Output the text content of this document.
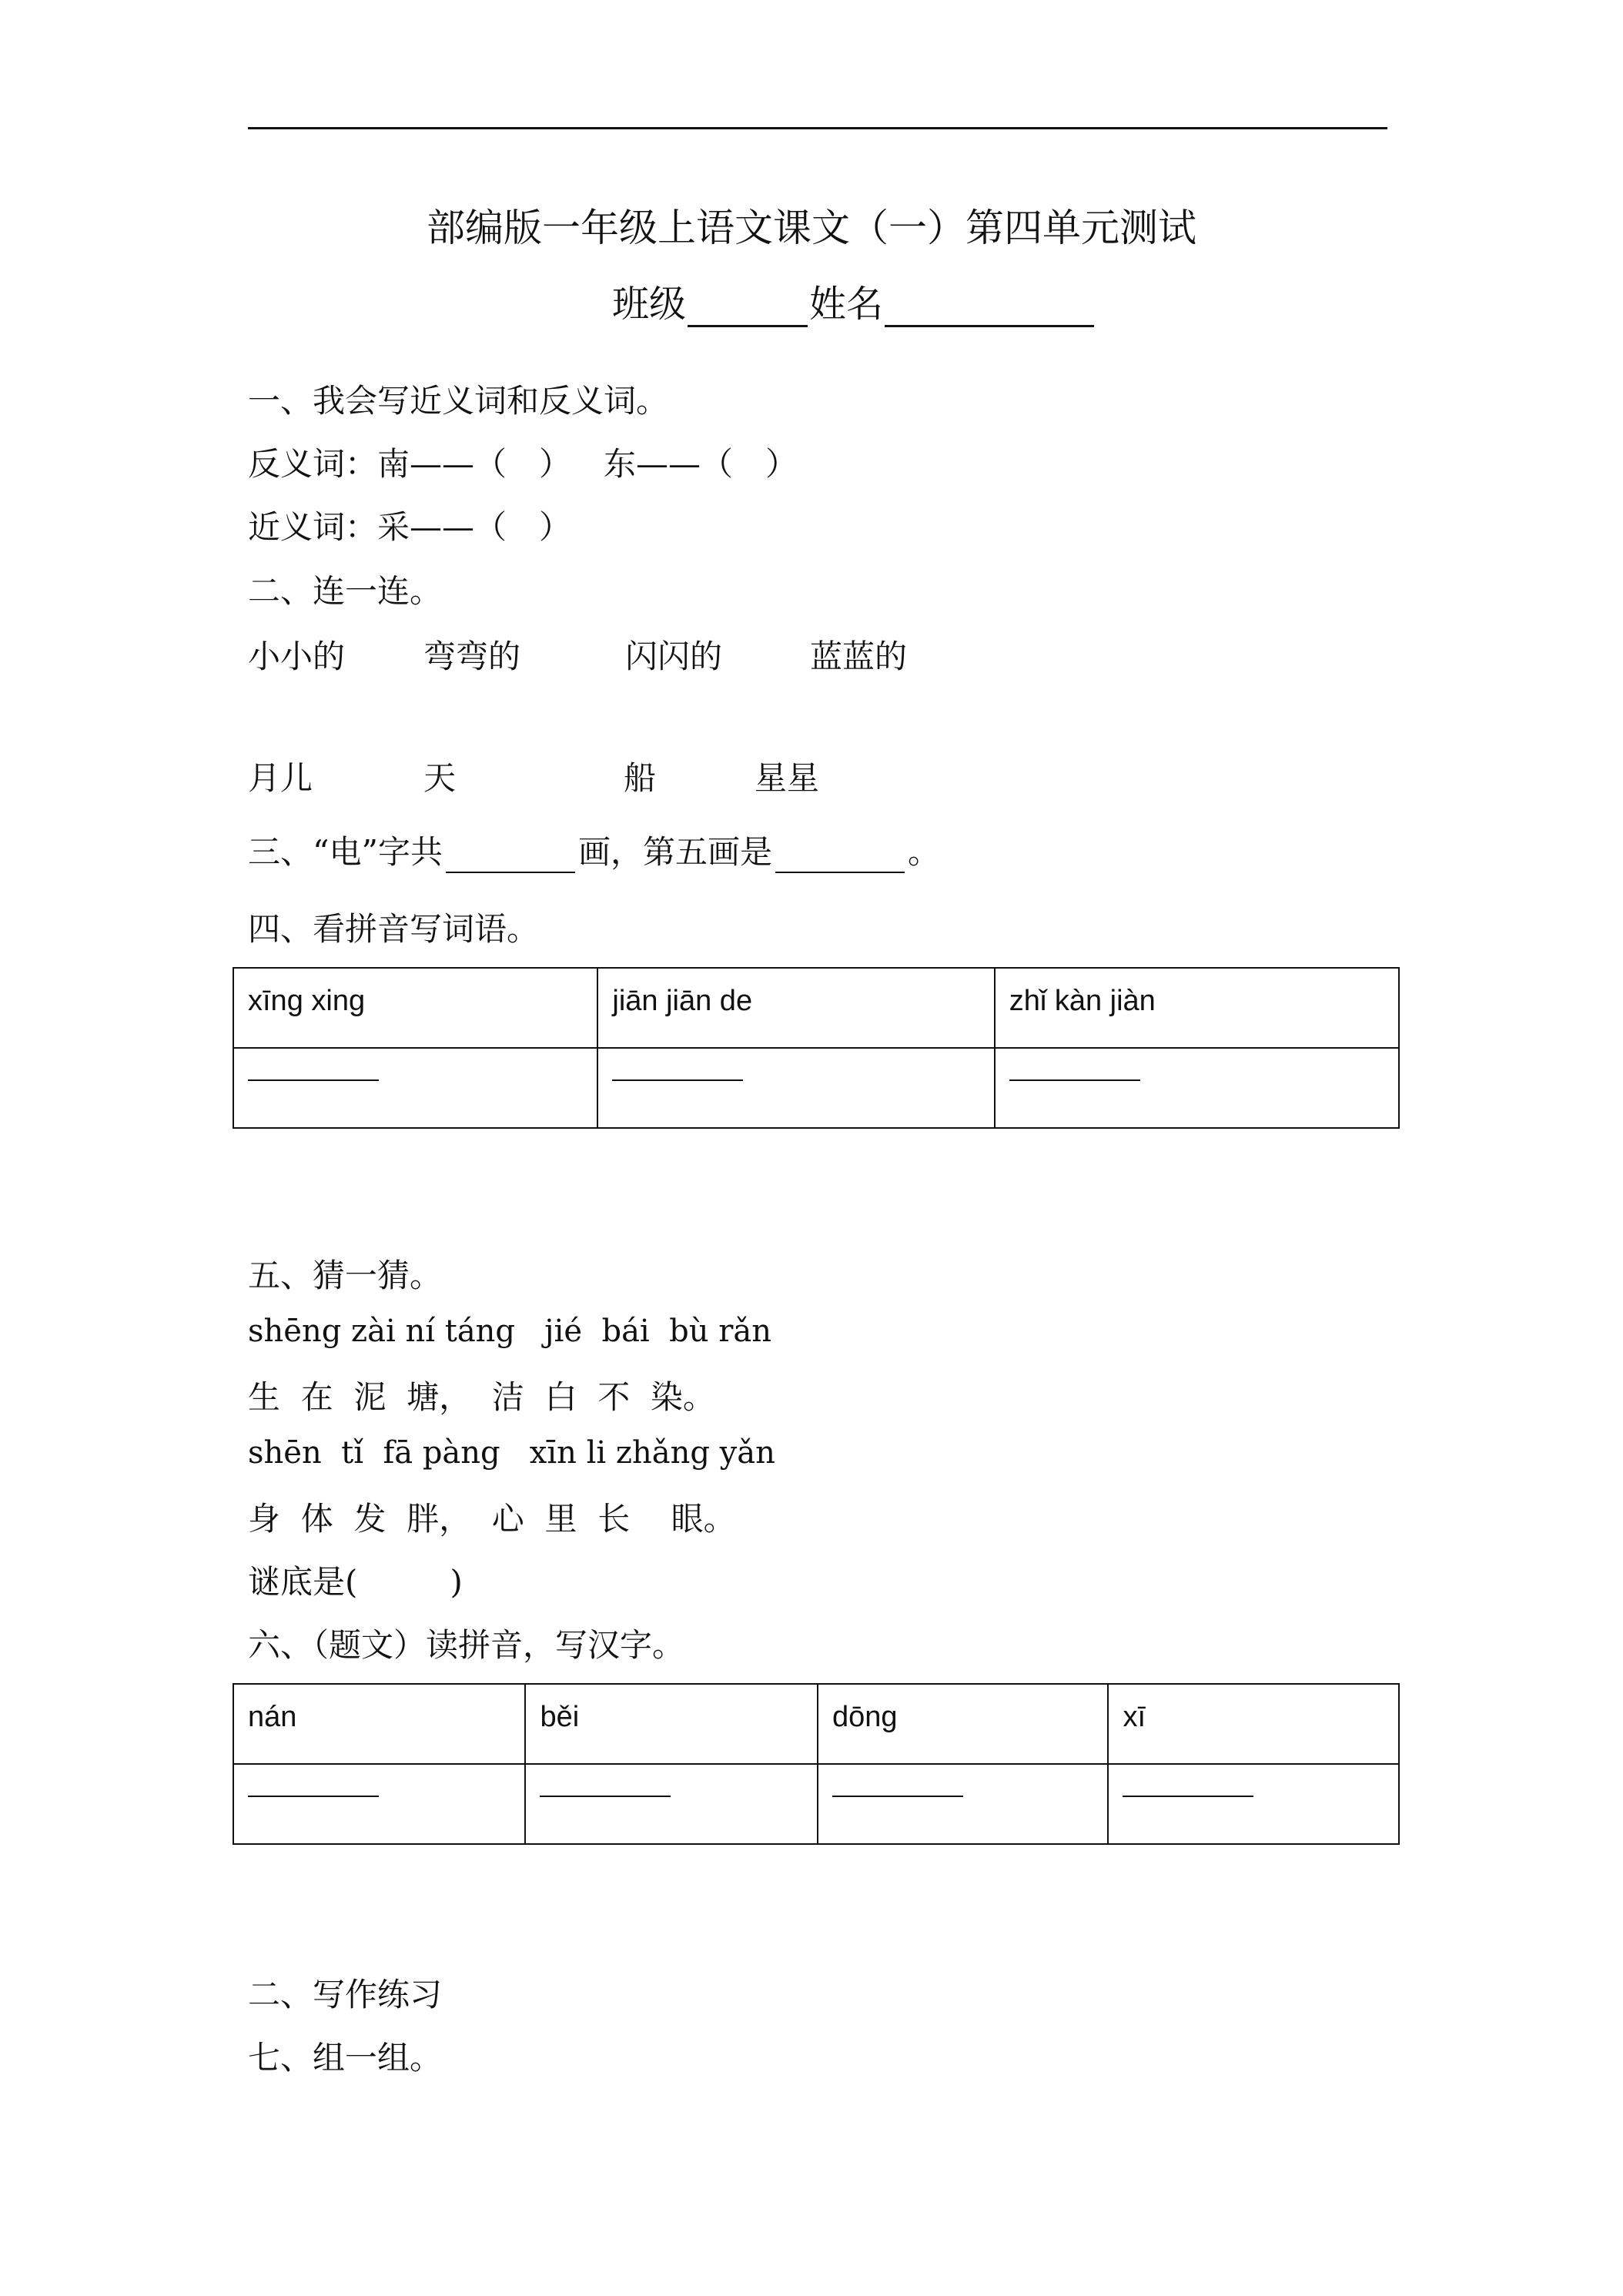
部编版一年级上语文课文（一）第四单元测试
班级	姓名
一、我会写近义词和反义词。
反义词： 南——（　） 东——（　）
近义词： 采——（　）
二、连一连。
小小的 弯弯的	闪闪的	蓝蓝的
月儿	天	船	星星
三、“电”字共	画，第五画是	。
四、看拼音写词语。
xīng xing	jiān jiān de	zhǐ kàn jiàn

五、猜一猜。
shēng zài ní táng   jié  bái  bù rǎn
生  在  泥  塘，  洁  白  不  染。
shēn  tǐ  fā pàng   xīn li zhǎng yǎn
身  体  发  胖，  心  里  长    眼。
谜底是(         )
六、（题文）读拼音，写汉字。
nán	běi	dōng	xī

二、写作练习
七、组一组。
